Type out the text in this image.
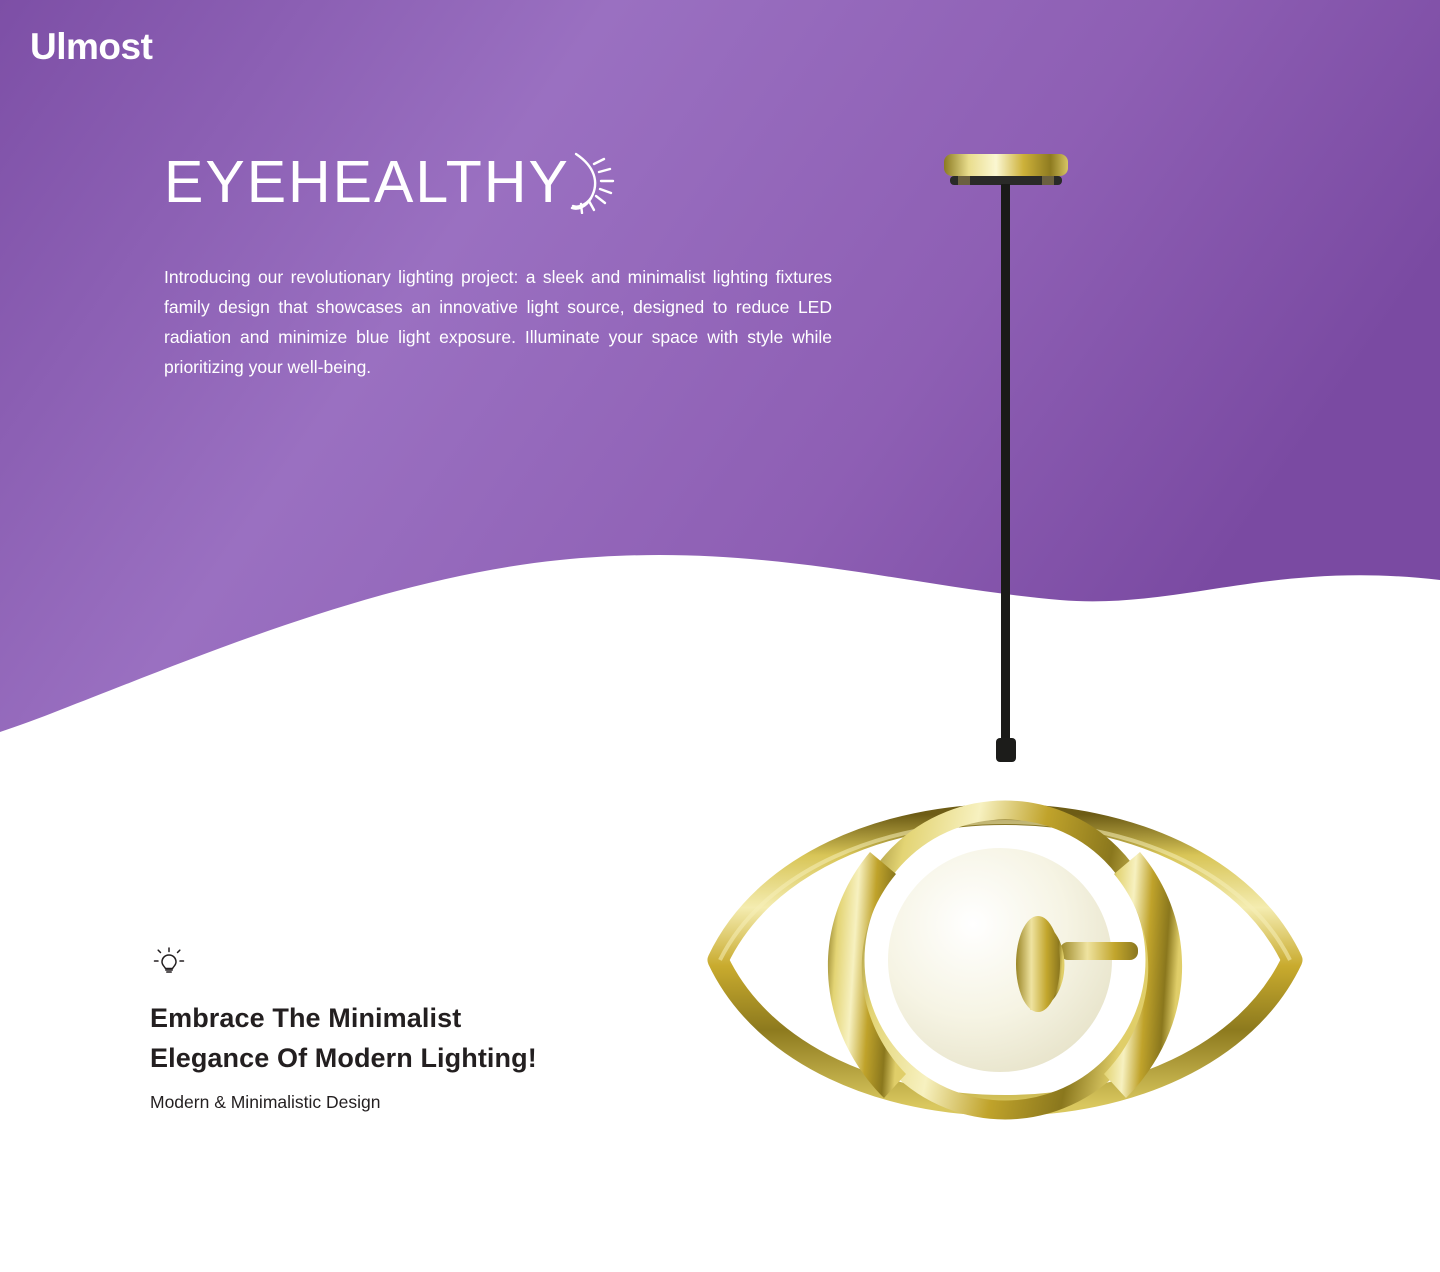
Ulmost
EYEHEALTHY

Introducing our revolutionary lighting project: a sleek and minimalist lighting fixtures family design that showcases an innovative light source, designed to reduce LED radiation and minimize blue light exposure. Illuminate your space with style while prioritizing your well-being.

Embrace The Minimalist
Elegance Of Modern Lighting!
Modern & Minimalistic Design
